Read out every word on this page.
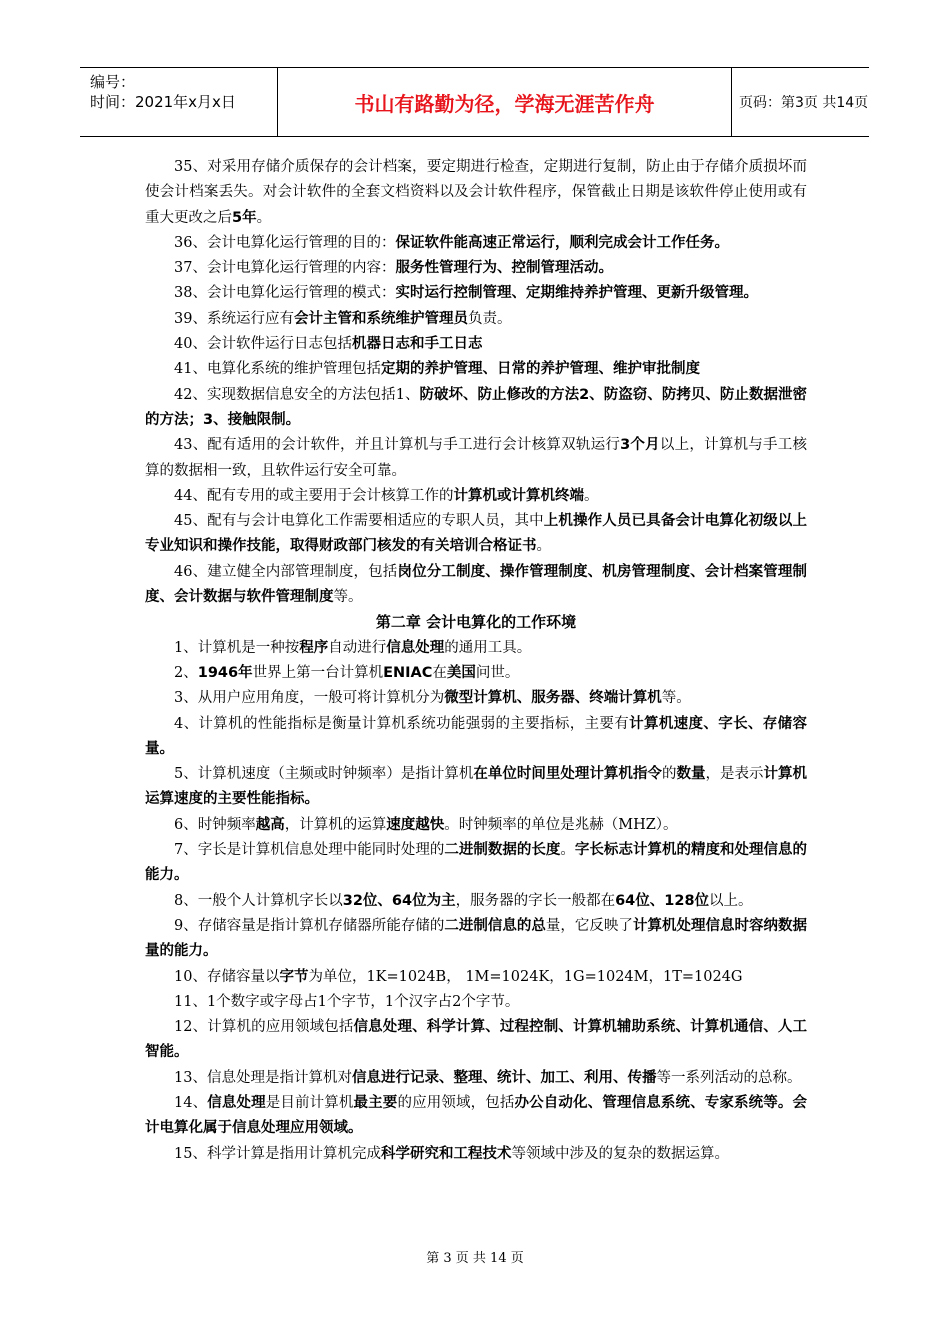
编号：
时间：2021年x月x日	书山有路勤为径，学海无涯苦作舟	页码：第3页 共14页

35、对采用存储介质保存的会计档案，要定期进行检查，定期进行复制，防止由于存储介质损坏而使会计档案丢失。对会计软件的全套文档资料以及会计软件程序，保管截止日期是该软件停止使用或有重大更改之后5年。

36、会计电算化运行管理的目的：保证软件能高速正常运行，顺利完成会计工作任务。

37、会计电算化运行管理的内容：服务性管理行为、控制管理活动。

38、会计电算化运行管理的模式：实时运行控制管理、定期维持养护管理、更新升级管理。

39、系统运行应有会计主管和系统维护管理员负责。

40、会计软件运行日志包括机器日志和手工日志

41、电算化系统的维护管理包括定期的养护管理、日常的养护管理、维护审批制度

42、实现数据信息安全的方法包括1、防破坏、防止修改的方法2、防盗窃、防拷贝、防止数据泄密的方法；3、接触限制。

43、配有适用的会计软件，并且计算机与手工进行会计核算双轨运行3个月以上，计算机与手工核算的数据相一致，且软件运行安全可靠。

44、配有专用的或主要用于会计核算工作的计算机或计算机终端。

45、配有与会计电算化工作需要相适应的专职人员，其中上机操作人员已具备会计电算化初级以上专业知识和操作技能，取得财政部门核发的有关培训合格证书。

46、建立健全内部管理制度，包括岗位分工制度、操作管理制度、机房管理制度、会计档案管理制度、会计数据与软件管理制度等。

第二章 会计电算化的工作环境

1、计算机是一种按程序自动进行信息处理的通用工具。

2、1946年世界上第一台计算机ENIAC在美国问世。

3、从用户应用角度，一般可将计算机分为微型计算机、服务器、终端计算机等。

4、计算机的性能指标是衡量计算机系统功能强弱的主要指标，主要有计算机速度、字长、存储容量。

5、计算机速度（主频或时钟频率）是指计算机在单位时间里处理计算机指令的数量，是表示计算机运算速度的主要性能指标。

6、时钟频率越高，计算机的运算速度越快。时钟频率的单位是兆赫（MHZ）。

7、字长是计算机信息处理中能同时处理的二进制数据的长度。字长标志计算机的精度和处理信息的能力。

8、一般个人计算机字长以32位、64位为主，服务器的字长一般都在64位、128位以上。

9、存储容量是指计算机存储器所能存储的二进制信息的总量，它反映了计算机处理信息时容纳数据量的能力。

10、存储容量以字节为单位，1K=1024B， 1M=1024K，1G=1024M，1T=1024G

11、1个数字或字母占1个字节，1个汉字占2个字节。

12、计算机的应用领域包括信息处理、科学计算、过程控制、计算机辅助系统、计算机通信、人工智能。

13、信息处理是指计算机对信息进行记录、整理、统计、加工、利用、传播等一系列活动的总称。

14、信息处理是目前计算机最主要的应用领域，包括办公自动化、管理信息系统、专家系统等。会计电算化属于信息处理应用领域。

15、科学计算是指用计算机完成科学研究和工程技术等领域中涉及的复杂的数据运算。

第 3 页 共 14 页
